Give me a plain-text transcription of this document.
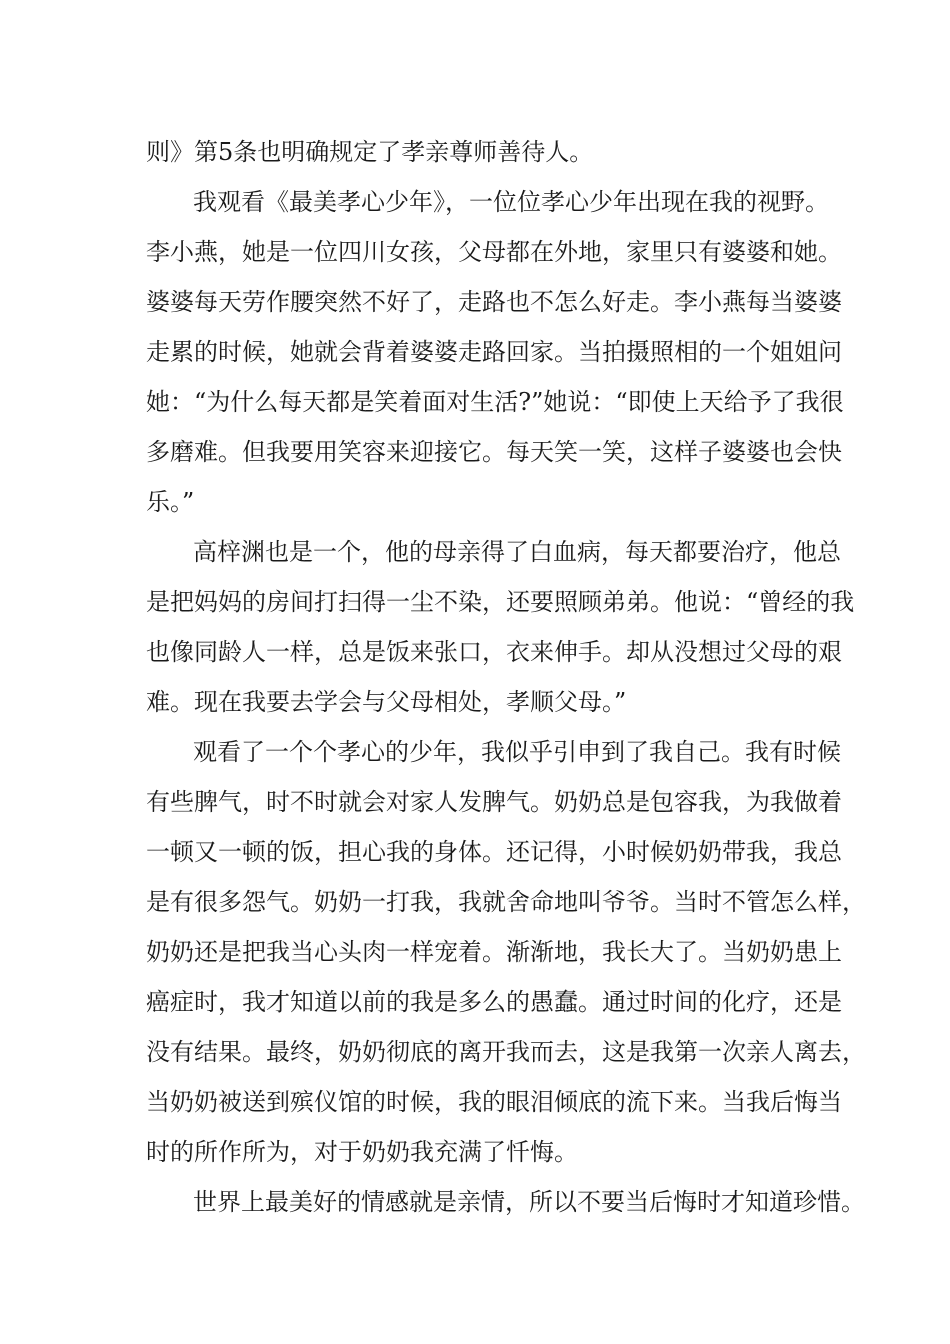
则》第5条也明确规定了孝亲尊师善待人。
我观看《最美孝心少年》，一位位孝心少年出现在我的视野。
李小燕，她是一位四川女孩，父母都在外地，家里只有婆婆和她。
婆婆每天劳作腰突然不好了，走路也不怎么好走。李小燕每当婆婆
走累的时候，她就会背着婆婆走路回家。当拍摄照相的一个姐姐问
她：“为什么每天都是笑着面对生活?”她说：“即使上天给予了我很
多磨难。但我要用笑容来迎接它。每天笑一笑，这样子婆婆也会快
乐。”
高梓渊也是一个，他的母亲得了白血病，每天都要治疗，他总
是把妈妈的房间打扫得一尘不染，还要照顾弟弟。他说：“曾经的我
也像同龄人一样，总是饭来张口，衣来伸手。却从没想过父母的艰
难。现在我要去学会与父母相处，孝顺父母。”
观看了一个个孝心的少年，我似乎引申到了我自己。我有时候
有些脾气，时不时就会对家人发脾气。奶奶总是包容我，为我做着
一顿又一顿的饭，担心我的身体。还记得，小时候奶奶带我，我总
是有很多怨气。奶奶一打我，我就舍命地叫爷爷。当时不管怎么样，
奶奶还是把我当心头肉一样宠着。渐渐地，我长大了。当奶奶患上
癌症时，我才知道以前的我是多么的愚蠢。通过时间的化疗，还是
没有结果。最终，奶奶彻底的离开我而去，这是我第一次亲人离去，
当奶奶被送到殡仪馆的时候，我的眼泪倾底的流下来。当我后悔当
时的所作所为，对于奶奶我充满了忏悔。
世界上最美好的情感就是亲情，所以不要当后悔时才知道珍惜。
